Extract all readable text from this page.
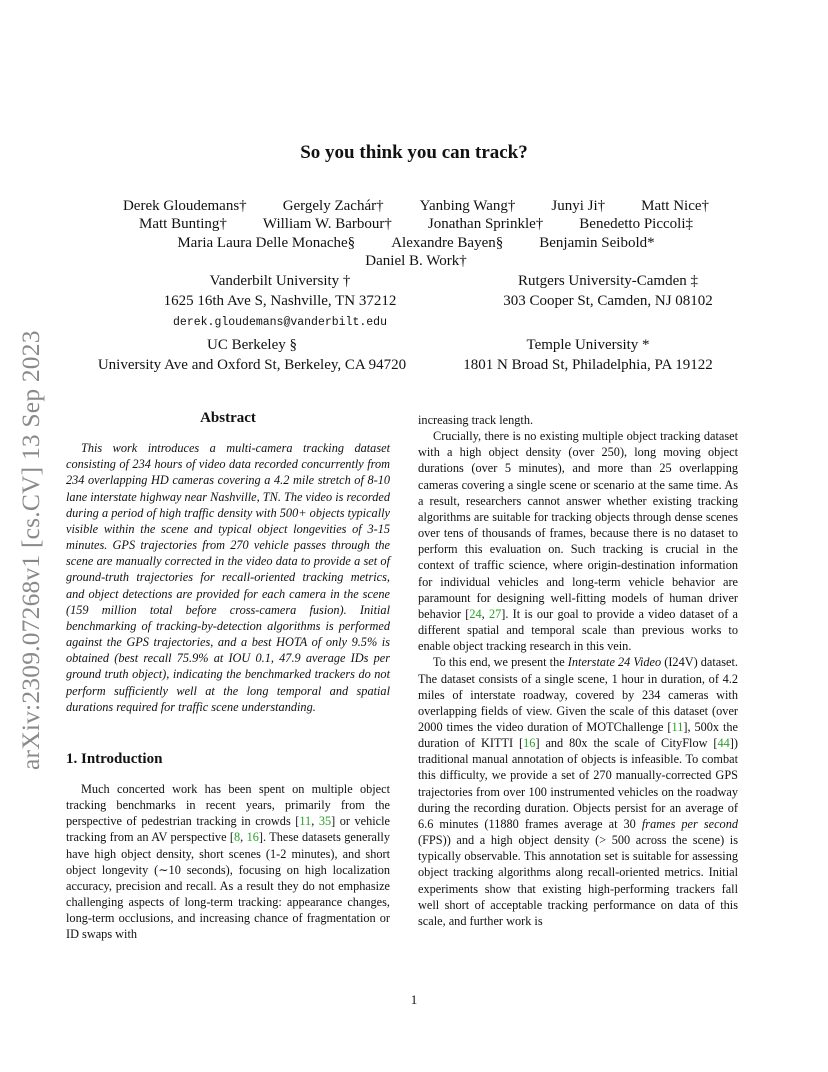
arXiv:2309.07268v1 [cs.CV] 13 Sep 2023
So you think you can track?
Derek Gloudemans† Gergely Zachár† Yanbing Wang† Junyi Ji† Matt Nice†
Matt Bunting† William W. Barbour† Jonathan Sprinkle† Benedetto Piccoli‡
Maria Laura Delle Monache§ Alexandre Bayen§ Benjamin Seibold*
Daniel B. Work†
Vanderbilt University †
1625 16th Ave S, Nashville, TN 37212
derek.gloudemans@vanderbilt.edu
Rutgers University-Camden ‡
303 Cooper St, Camden, NJ 08102
UC Berkeley §
University Ave and Oxford St, Berkeley, CA 94720
Temple University *
1801 N Broad St, Philadelphia, PA 19122
Abstract

This work introduces a multi-camera tracking dataset consisting of 234 hours of video data recorded concurrently from 234 overlapping HD cameras covering a 4.2 mile stretch of 8-10 lane interstate highway near Nashville, TN. The video is recorded during a period of high traffic density with 500+ objects typically visible within the scene and typical object longevities of 3-15 minutes. GPS trajectories from 270 vehicle passes through the scene are manually corrected in the video data to provide a set of ground-truth trajectories for recall-oriented tracking metrics, and object detections are provided for each camera in the scene (159 million total before cross-camera fusion). Initial benchmarking of tracking-by-detection algorithms is performed against the GPS trajectories, and a best HOTA of only 9.5% is obtained (best recall 75.9% at IOU 0.1, 47.9 average IDs per ground truth object), indicating the benchmarked trackers do not perform sufficiently well at the long temporal and spatial durations required for traffic scene understanding.

1. Introduction

Much concerted work has been spent on multiple object tracking benchmarks in recent years, primarily from the perspective of pedestrian tracking in crowds [11, 35] or vehicle tracking from an AV perspective [8, 16]. These datasets generally have high object density, short scenes (1-2 minutes), and short object longevity (∼10 seconds), focusing on high localization accuracy, precision and recall. As a result they do not emphasize challenging aspects of long-term tracking: appearance changes, long-term occlusions, and increasing chance of fragmentation or ID swaps with

increasing track length.

Crucially, there is no existing multiple object tracking dataset with a high object density (over 250), long moving object durations (over 5 minutes), and more than 25 overlapping cameras covering a single scene or scenario at the same time. As a result, researchers cannot answer whether existing tracking algorithms are suitable for tracking objects through dense scenes over tens of thousands of frames, because there is no dataset to perform this evaluation on. Such tracking is crucial in the context of traffic science, where origin-destination information for individual vehicles and long-term vehicle behavior are paramount for designing well-fitting models of human driver behavior [24, 27]. It is our goal to provide a video dataset of a different spatial and temporal scale than previous works to enable object tracking research in this vein.

To this end, we present the Interstate 24 Video (I24V) dataset. The dataset consists of a single scene, 1 hour in duration, of 4.2 miles of interstate roadway, covered by 234 cameras with overlapping fields of view. Given the scale of this dataset (over 2000 times the video duration of MOTChallenge [11], 500x the duration of KITTI [16] and 80x the scale of CityFlow [44]) traditional manual annotation of objects is infeasible. To combat this difficulty, we provide a set of 270 manually-corrected GPS trajectories from over 100 instrumented vehicles on the roadway during the recording duration. Objects persist for an average of 6.6 minutes (11880 frames average at 30 frames per second (FPS)) and a high object density (> 500 across the scene) is typically observable. This annotation set is suitable for assessing object tracking algorithms along recall-oriented metrics. Initial experiments show that existing high-performing trackers fall well short of acceptable tracking performance on data of this scale, and further work is

1
